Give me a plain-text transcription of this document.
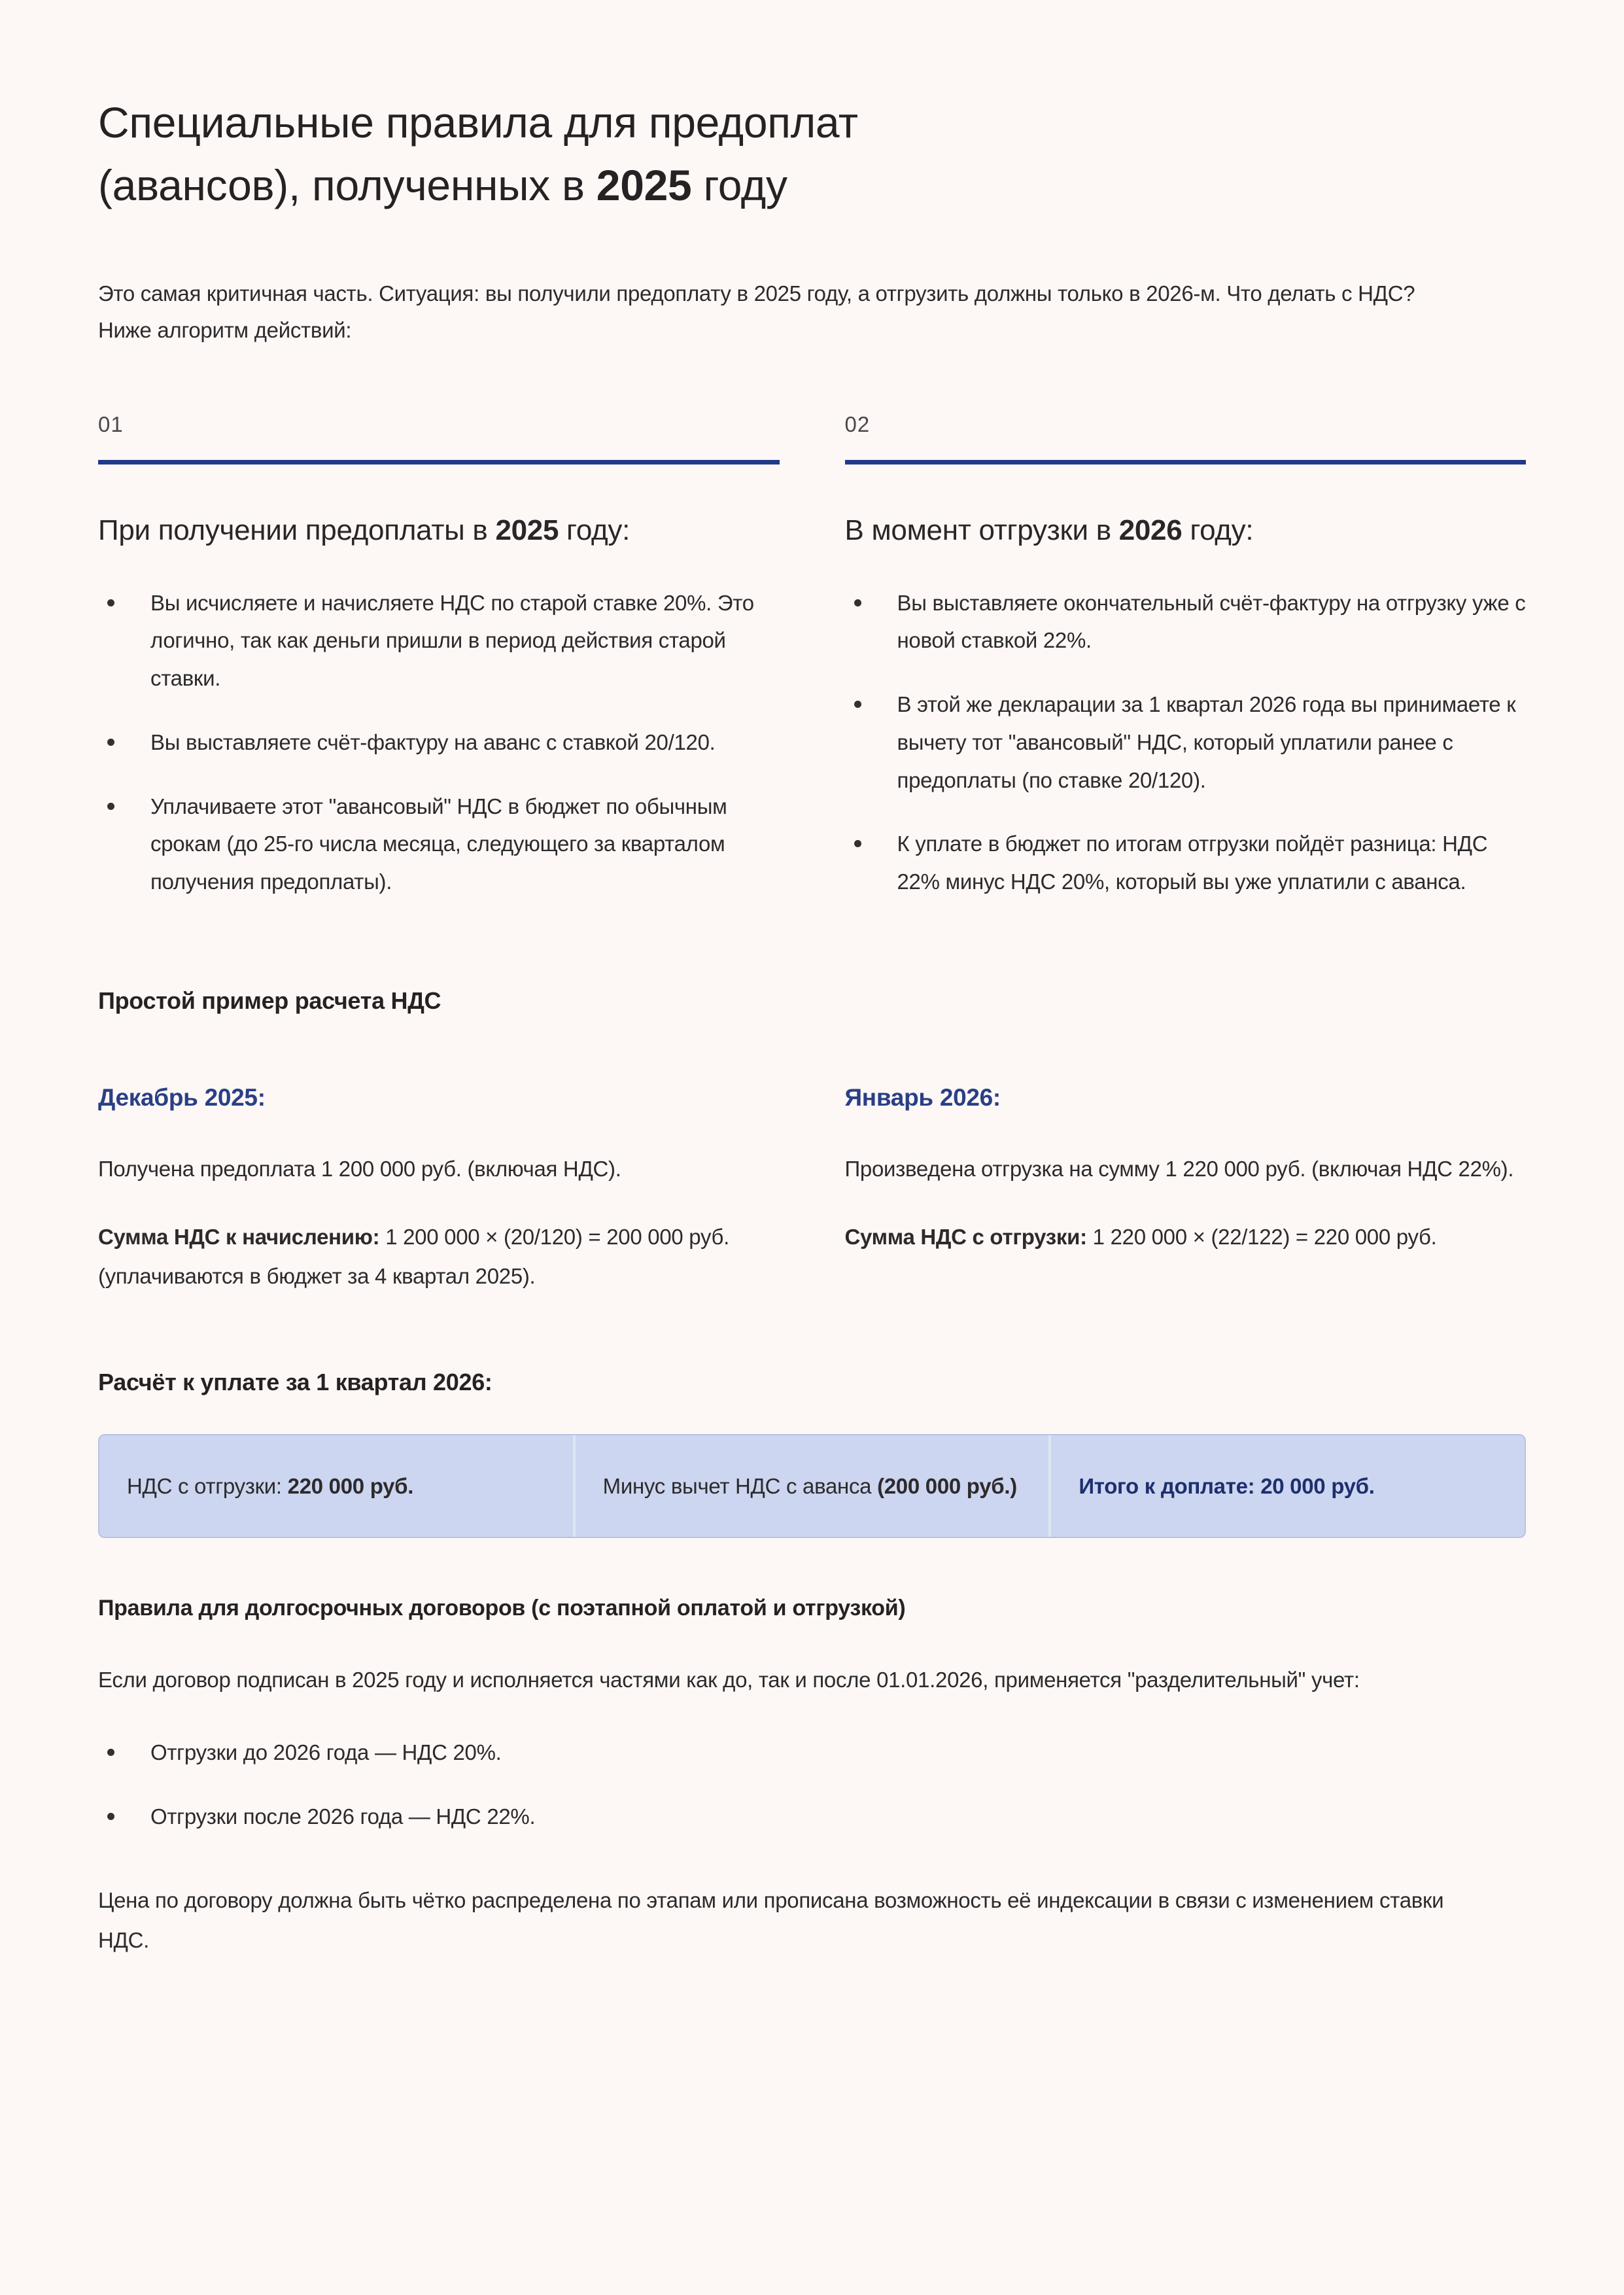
Специальные правила для предоплат
(авансов), полученных в 2025 году

Это самая критичная часть. Ситуация: вы получили предоплату в 2025 году, а отгрузить должны только в 2026-м. Что делать с НДС? Ниже алгоритм действий:

01
При получении предоплаты в 2025 году:
Вы исчисляете и начисляете НДС по старой ставке 20%. Это логично, так как деньги пришли в период действия старой ставки.
Вы выставляете счёт-фактуру на аванс с ставкой 20/120.
Уплачиваете этот "авансовый" НДС в бюджет по обычным срокам (до 25-го числа месяца, следующего за кварталом получения предоплаты).
02
В момент отгрузки в 2026 году:
Вы выставляете окончательный счёт-фактуру на отгрузку уже с новой ставкой 22%.
В этой же декларации за 1 квартал 2026 года вы принимаете к вычету тот "авансовый" НДС, который уплатили ранее с предоплаты (по ставке 20/120).
К уплате в бюджет по итогам отгрузки пойдёт разница: НДС 22% минус НДС 20%, который вы уже уплатили с аванса.
Простой пример расчета НДС
Декабрь 2025:

Получена предоплата 1 200 000 руб. (включая НДС).

Сумма НДС к начислению: 1 200 000 × (20/120) = 200 000 руб. (уплачиваются в бюджет за 4 квартал 2025).

Январь 2026:

Произведена отгрузка на сумму 1 220 000 руб. (включая НДС 22%).

Сумма НДС с отгрузки: 1 220 000 × (22/122) = 220 000 руб.

Расчёт к уплате за 1 квартал 2026:
НДС с отгрузки: 220 000 руб.	Минус вычет НДС с аванса (200 000 руб.)	Итого к доплате: 20 000 руб.
Правила для долгосрочных договоров (с поэтапной оплатой и отгрузкой)

Если договор подписан в 2025 году и исполняется частями как до, так и после 01.01.2026, применяется "разделительный" учет:

Отгрузки до 2026 года — НДС 20%.
Отгрузки после 2026 года — НДС 22%.

Цена по договору должна быть чётко распределена по этапам или прописана возможность её индексации в связи с изменением ставки НДС.
